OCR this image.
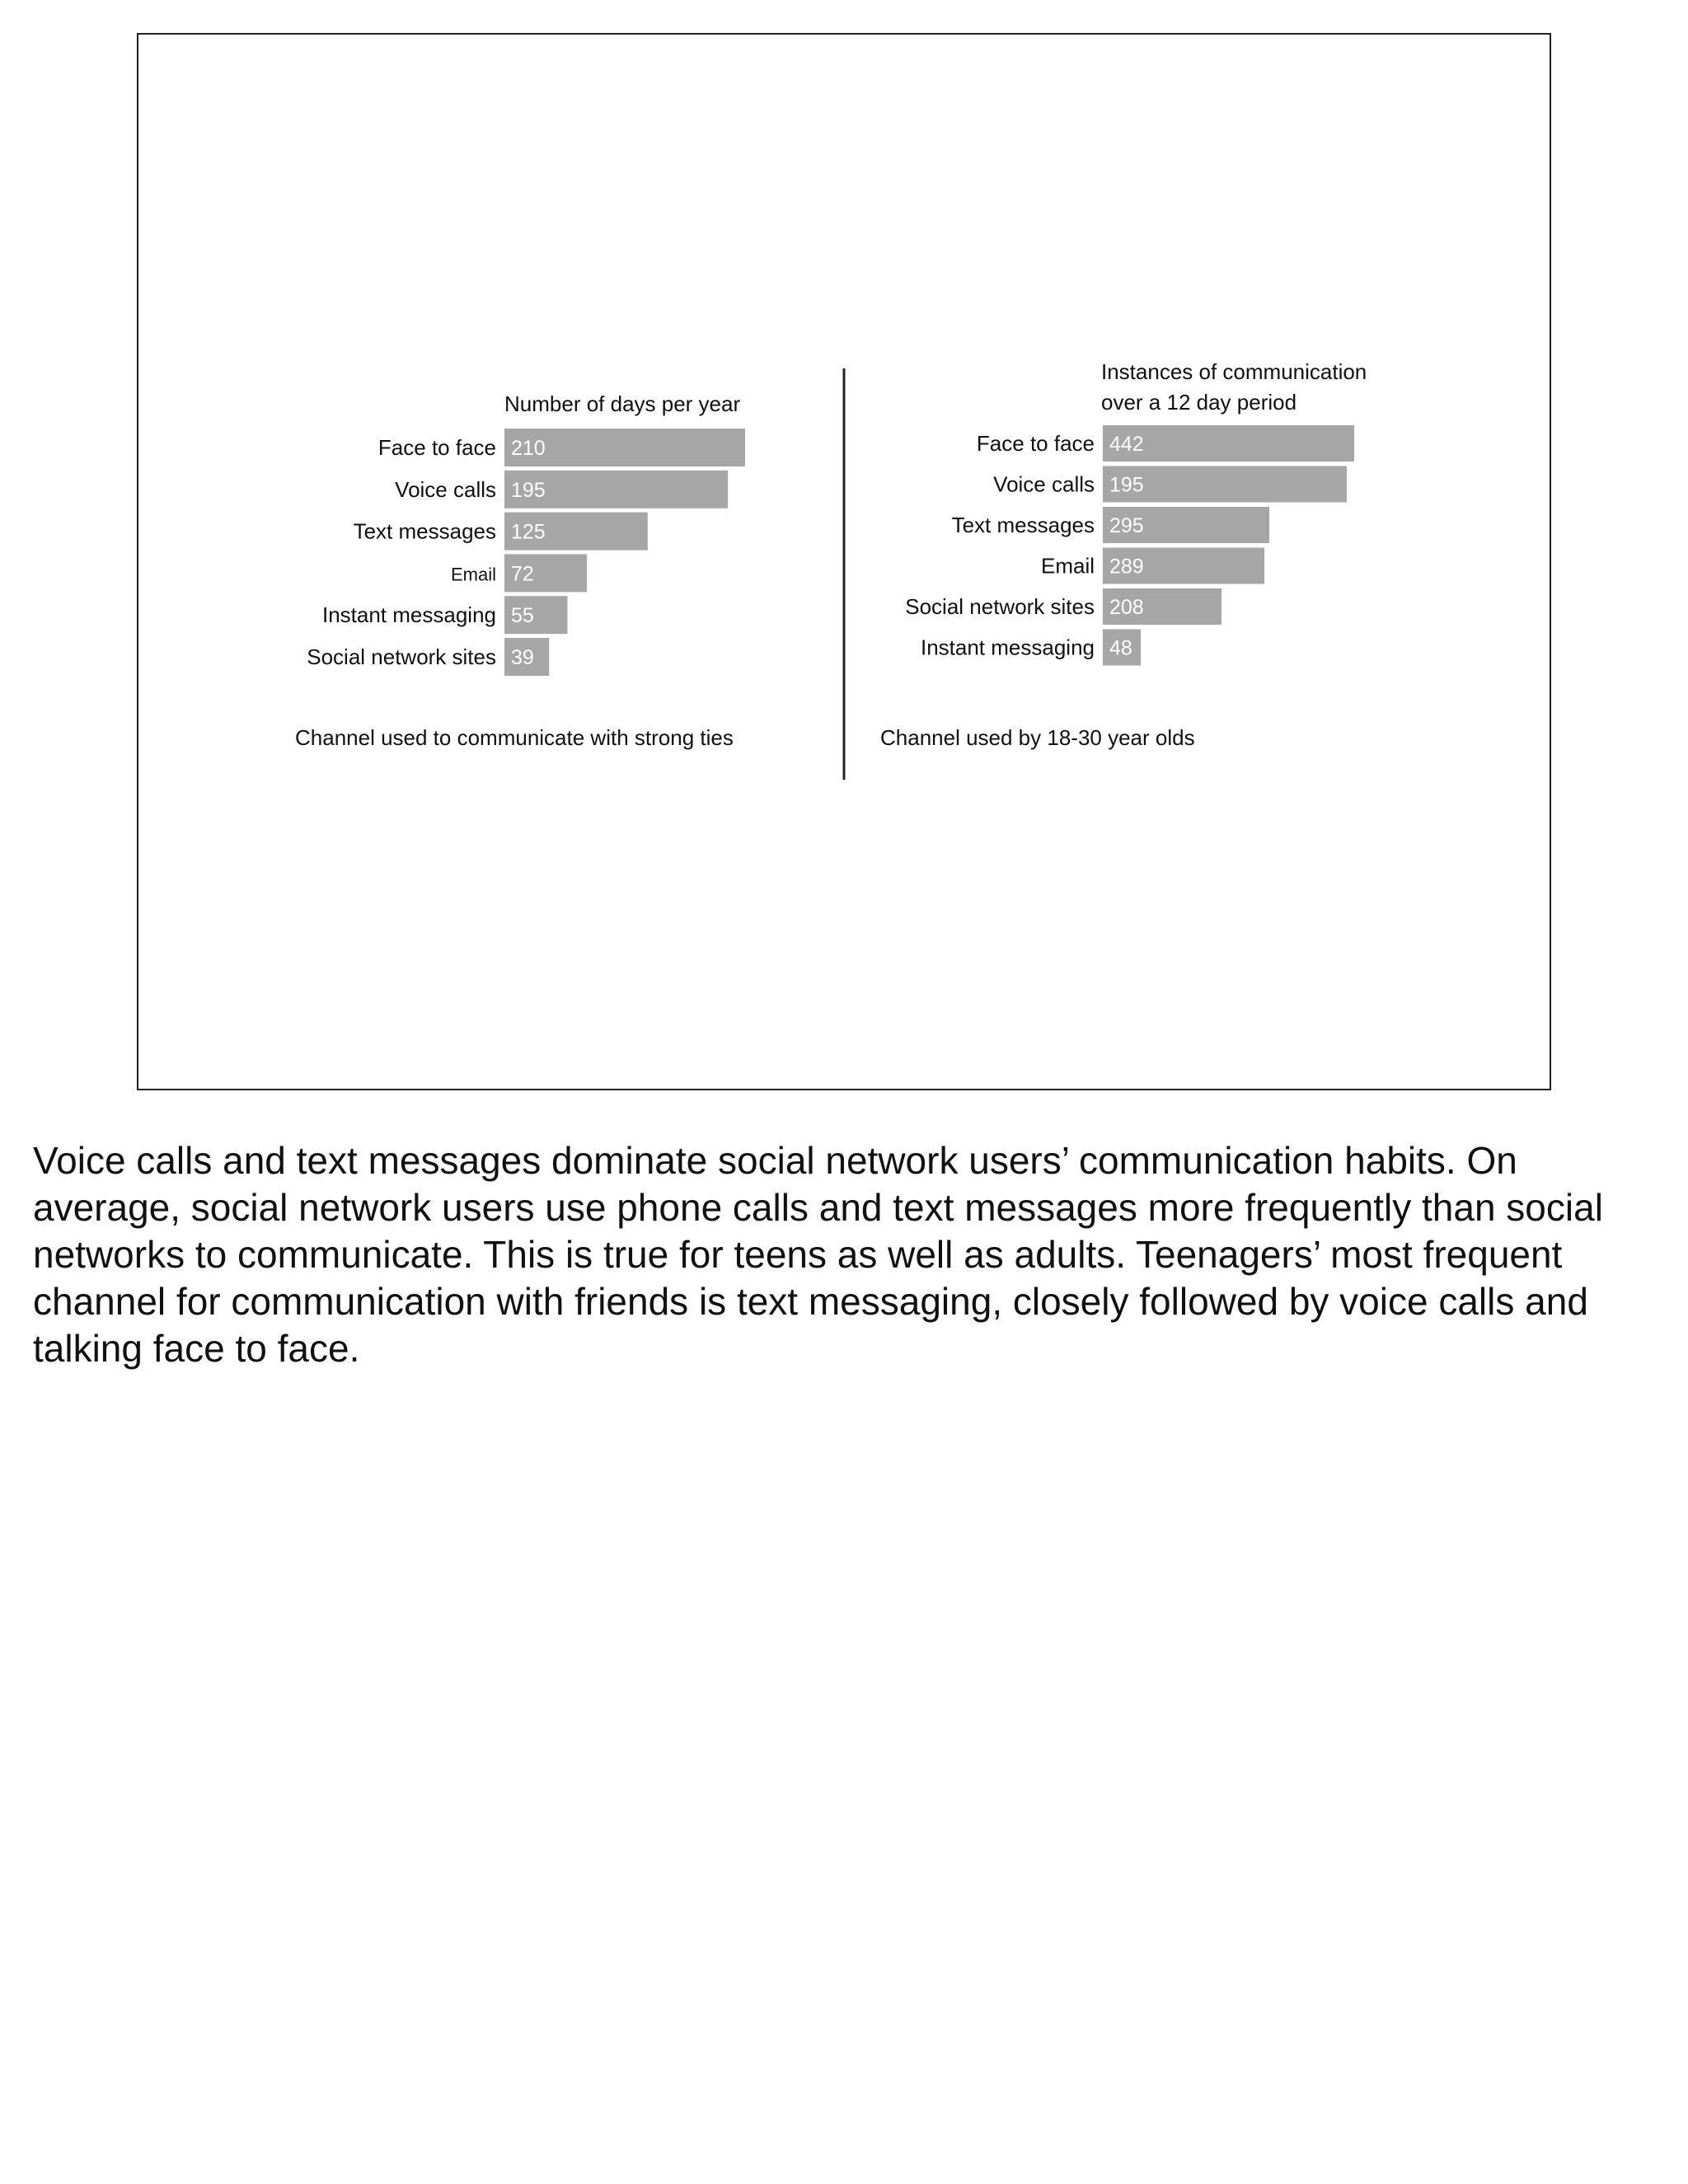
Number of days per year
Face to face 210
Voice calls 195
Text messages 125
Email 72
Instant messaging 55
Social network sites 39
Channel used to communicate with strong ties
Instances of communication over a 12 day period
Face to face 442
Voice calls 195
Text messages 295
Email 289
Social network sites 208
Instant messaging 48
Channel used by 18-30 year olds

Voice calls and text messages dominate social network users’ communication habits. On average, social network users use phone calls and text messages more frequently than social networks to communicate. This is true for teens as well as adults. Teenagers’ most frequent channel for communication with friends is text messaging, closely followed by voice calls and talking face to face.
